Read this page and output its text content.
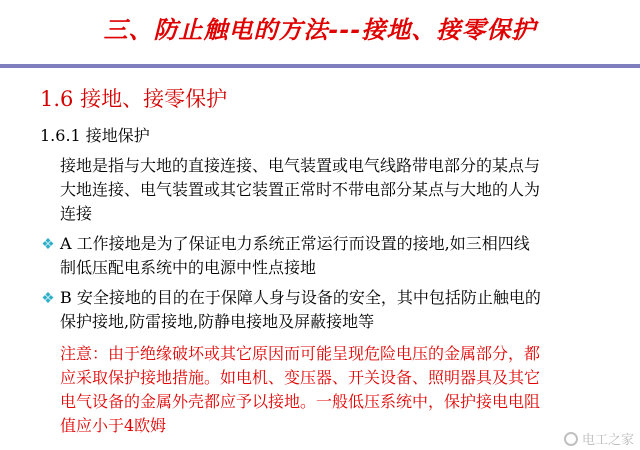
三、防止触电的方法---接地、接零保护
1.6 接地、接零保护
1.6.1 接地保护
接地是指与大地的直接连接、电气装置或电气线路带电部分的某点与
大地连接、电气装置或其它装置正常时不带电部分某点与大地的人为
连接
❖ A 工作接地是为了保证电力系统正常运行而设置的接地,如三相四线
制低压配电系统中的电源中性点接地
❖ B 安全接地的目的在于保障人身与设备的安全，其中包括防止触电的
保护接地,防雷接地,防静电接地及屏蔽接地等
注意：由于绝缘破坏或其它原因而可能呈现危险电压的金属部分，都
应采取保护接地措施。如电机、变压器、开关设备、照明器具及其它
电气设备的金属外壳都应予以接地。一般低压系统中，保护接电电阻
值应小于4欧姆
电工之家
